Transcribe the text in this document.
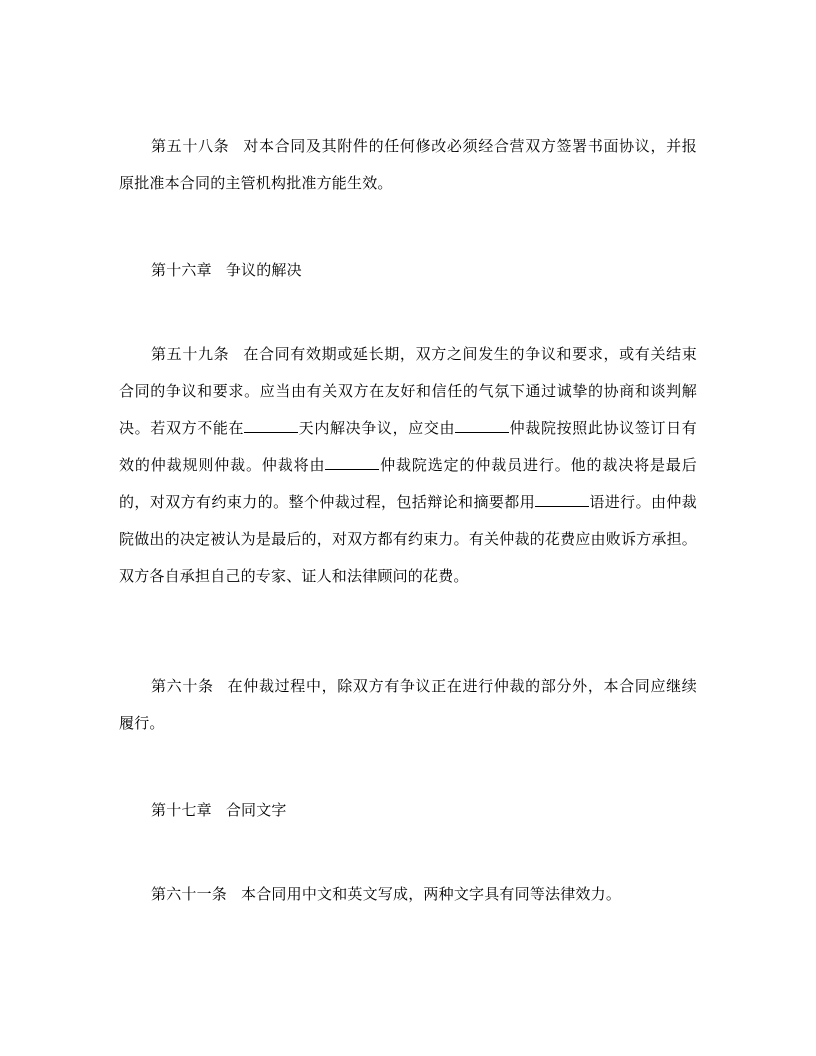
第五十八条 对本合同及其附件的任何修改必须经合营双方签署书面协议，并报原批准本合同的主管机构批准方能生效。

第十六章 争议的解决

第五十九条 在合同有效期或延长期，双方之间发生的争议和要求，或有关结束合同的争议和要求。应当由有关双方在友好和信任的气氛下通过诚挚的协商和谈判解决。若双方不能在	天内解决争议，应交由	仲裁院按照此协议签订日有效的仲裁规则仲裁。仲裁将由	仲裁院选定的仲裁员进行。他的裁决将是最后的，对双方有约束力的。整个仲裁过程，包括辩论和摘要都用	语进行。由仲裁院做出的决定被认为是最后的，对双方都有约束力。有关仲裁的花费应由败诉方承担。双方各自承担自己的专家、证人和法律顾问的花费。

第六十条 在仲裁过程中，除双方有争议正在进行仲裁的部分外，本合同应继续履行。

第十七章 合同文字

第六十一条 本合同用中文和英文写成，两种文字具有同等法律效力。
